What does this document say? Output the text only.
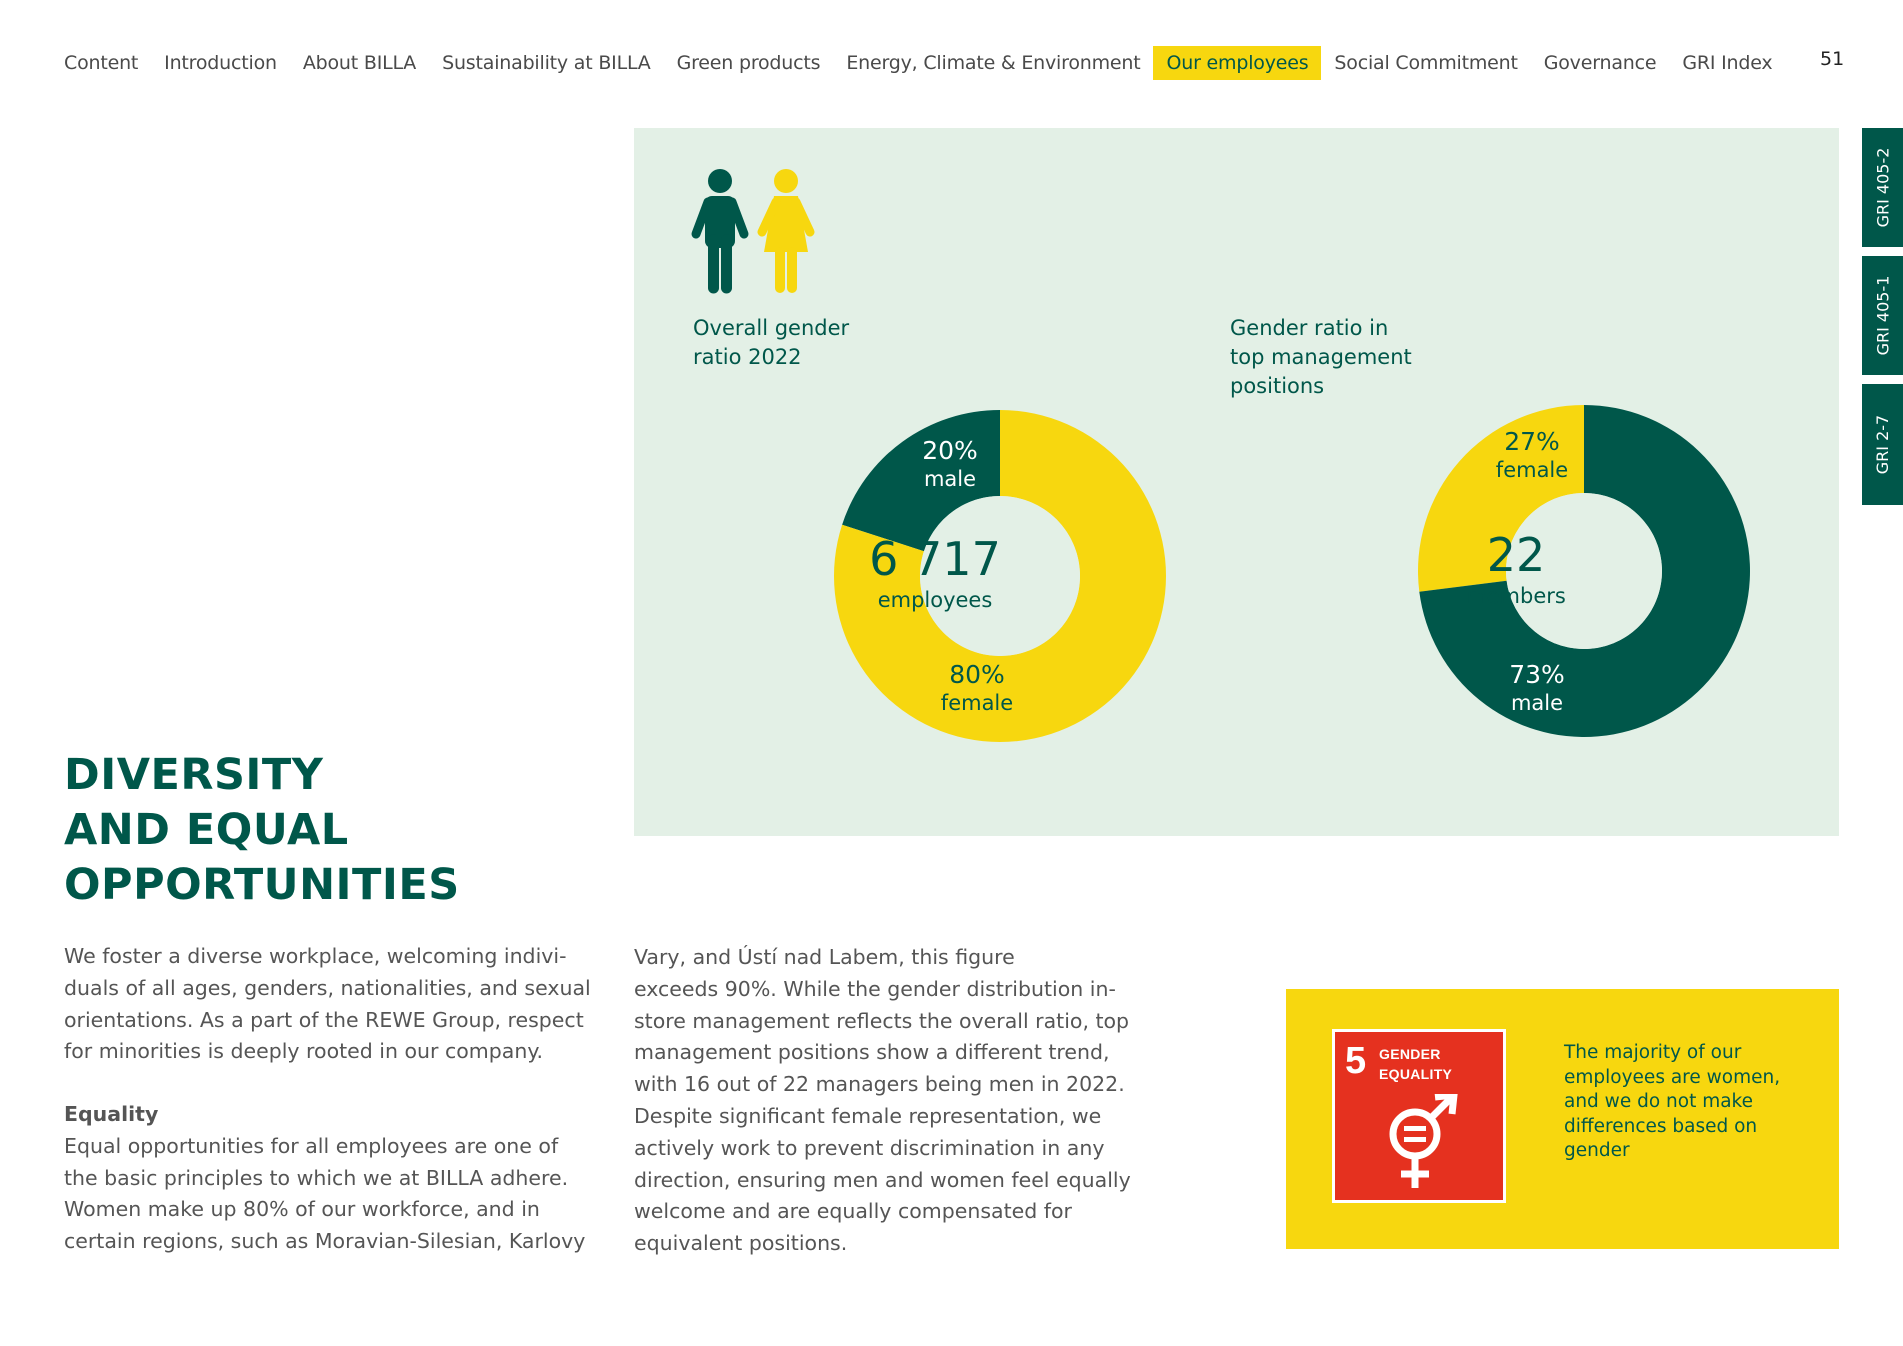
Content	Introduction	About BILLA	Sustainability at BILLA	Green products	Energy, Climate & Environment	Our employees	Social Commitment	Governance	GRI Index	51
GRI 405-2
GRI 405-1
GRI 2-7
Overall gender
ratio 2022
Gender ratio in
top management
positions
20%
male
80%
female
6 717
employees
27%
female
73%
male
22
members
DIVERSITY
AND EQUAL
OPPORTUNITIES
We foster a diverse workplace, welcoming indivi-
duals of all ages, genders, nationalities, and sexual
orientations. As a part of the REWE Group, respect
for minorities is deeply rooted in our company.
Equality
Equal opportunities for all employees are one of
the basic principles to which we at BILLA adhere.
Women make up 80% of our workforce, and in
certain regions, such as Moravian-Silesian, Karlovy
Vary, and Ústí nad Labem, this figure
exceeds 90%. While the gender distribution in-
store management reflects the overall ratio, top
management positions show a different trend,
with 16 out of 22 managers being men in 2022.
Despite significant female representation, we
actively work to prevent discrimination in any
direction, ensuring men and women feel equally
welcome and are equally compensated for
equivalent positions.
5 GENDER
EQUALITY
The majority of our
employees are women,
and we do not make
differences based on
gender
